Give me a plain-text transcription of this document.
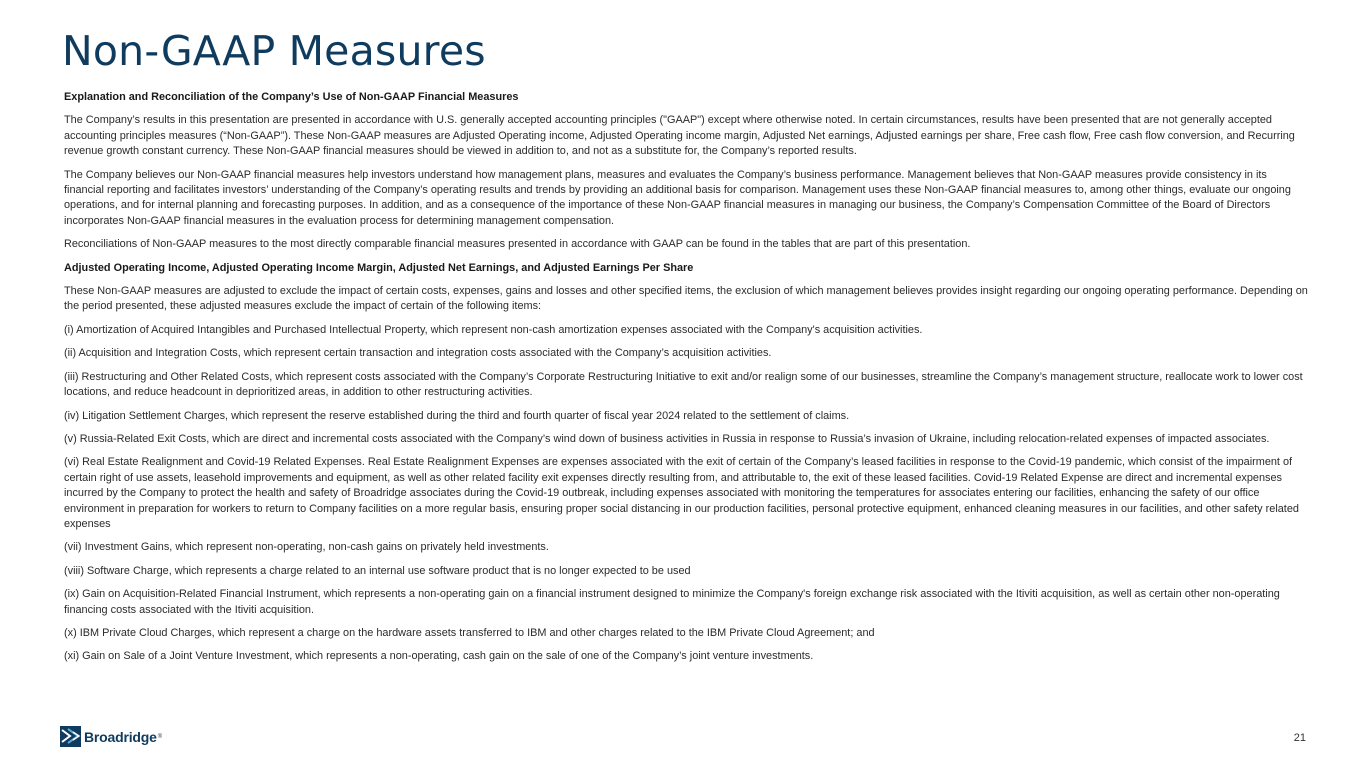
Non-GAAP Measures

Explanation and Reconciliation of the Company’s Use of Non-GAAP Financial Measures

The Company’s results in this presentation are presented in accordance with U.S. generally accepted accounting principles ("GAAP") except where otherwise noted. In certain circumstances, results have been presented that are not generally accepted accounting principles measures (“Non-GAAP”). These Non-GAAP measures are Adjusted Operating income, Adjusted Operating income margin, Adjusted Net earnings, Adjusted earnings per share, Free cash flow, Free cash flow conversion, and Recurring revenue growth constant currency. These Non-GAAP financial measures should be viewed in addition to, and not as a substitute for, the Company’s reported results.

The Company believes our Non-GAAP financial measures help investors understand how management plans, measures and evaluates the Company’s business performance. Management believes that Non-GAAP measures provide consistency in its financial reporting and facilitates investors’ understanding of the Company’s operating results and trends by providing an additional basis for comparison. Management uses these Non-GAAP financial measures to, among other things, evaluate our ongoing operations, and for internal planning and forecasting purposes. In addition, and as a consequence of the importance of these Non-GAAP financial measures in managing our business, the Company’s Compensation Committee of the Board of Directors incorporates Non-GAAP financial measures in the evaluation process for determining management compensation.

Reconciliations of Non-GAAP measures to the most directly comparable financial measures presented in accordance with GAAP can be found in the tables that are part of this presentation.

Adjusted Operating Income, Adjusted Operating Income Margin, Adjusted Net Earnings, and Adjusted Earnings Per Share

These Non-GAAP measures are adjusted to exclude the impact of certain costs, expenses, gains and losses and other specified items, the exclusion of which management believes provides insight regarding our ongoing operating performance. Depending on the period presented, these adjusted measures exclude the impact of certain of the following items:

(i) Amortization of Acquired Intangibles and Purchased Intellectual Property, which represent non-cash amortization expenses associated with the Company's acquisition activities.

(ii) Acquisition and Integration Costs, which represent certain transaction and integration costs associated with the Company’s acquisition activities.

(iii) Restructuring and Other Related Costs, which represent costs associated with the Company’s Corporate Restructuring Initiative to exit and/or realign some of our businesses, streamline the Company’s management structure, reallocate work to lower cost locations, and reduce headcount in deprioritized areas, in addition to other restructuring activities.

(iv) Litigation Settlement Charges, which represent the reserve established during the third and fourth quarter of fiscal year 2024 related to the settlement of claims.

(v) Russia-Related Exit Costs, which are direct and incremental costs associated with the Company’s wind down of business activities in Russia in response to Russia’s invasion of Ukraine, including relocation-related expenses of impacted associates.

(vi) Real Estate Realignment and Covid-19 Related Expenses. Real Estate Realignment Expenses are expenses associated with the exit of certain of the Company’s leased facilities in response to the Covid-19 pandemic, which consist of the impairment of certain right of use assets, leasehold improvements and equipment, as well as other related facility exit expenses directly resulting from, and attributable to, the exit of these leased facilities. Covid-19 Related Expense are direct and incremental expenses incurred by the Company to protect the health and safety of Broadridge associates during the Covid-19 outbreak, including expenses associated with monitoring the temperatures for associates entering our facilities, enhancing the safety of our office environment in preparation for workers to return to Company facilities on a more regular basis, ensuring proper social distancing in our production facilities, personal protective equipment, enhanced cleaning measures in our facilities, and other safety related expenses

(vii) Investment Gains, which represent non-operating, non-cash gains on privately held investments.

(viii) Software Charge, which represents a charge related to an internal use software product that is no longer expected to be used

(ix) Gain on Acquisition-Related Financial Instrument, which represents a non-operating gain on a financial instrument designed to minimize the Company's foreign exchange risk associated with the Itiviti acquisition, as well as certain other non-operating financing costs associated with the Itiviti acquisition.

(x) IBM Private Cloud Charges, which represent a charge on the hardware assets transferred to IBM and other charges related to the IBM Private Cloud Agreement; and

(xi) Gain on Sale of a Joint Venture Investment, which represents a non-operating, cash gain on the sale of one of the Company’s joint venture investments.

Broadridge ®	21
